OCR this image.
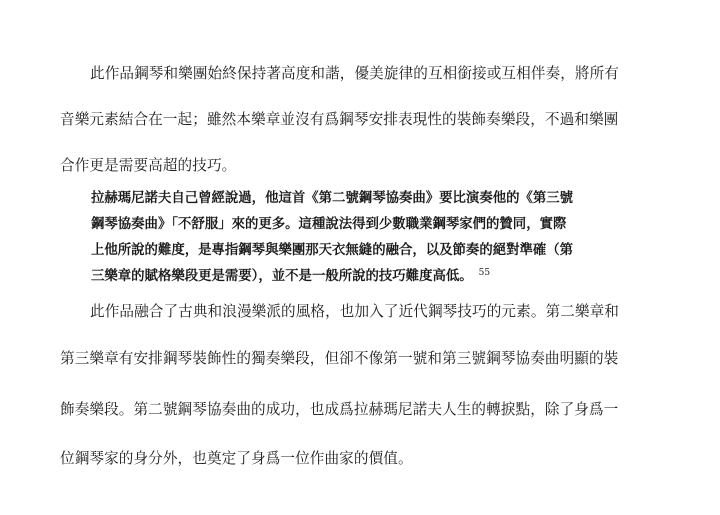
此作品鋼琴和樂團始終保持著高度和諧，優美旋律的互相銜接或互相伴奏，將所有

音樂元素結合在一起；雖然本樂章並沒有爲鋼琴安排表現性的裝飾奏樂段，不過和樂團

合作更是需要高超的技巧。

拉赫瑪尼諾夫自己曾經說過，他這首《第二號鋼琴協奏曲》要比演奏他的《第三號

鋼琴協奏曲》「不舒服」來的更多。這種說法得到少數職業鋼琴家們的贊同，實際

上他所說的難度，是專指鋼琴與樂團那天衣無縫的融合，以及節奏的絕對準確（第

三樂章的賦格樂段更是需要），並不是一般所說的技巧難度高低。 $^{55}$

此作品融合了古典和浪漫樂派的風格，也加入了近代鋼琴技巧的元素。第二樂章和

第三樂章有安排鋼琴裝飾性的獨奏樂段，但卻不像第一號和第三號鋼琴協奏曲明顯的裝

飾奏樂段。第二號鋼琴協奏曲的成功，也成爲拉赫瑪尼諾夫人生的轉捩點，除了身爲一

位鋼琴家的身分外，也奠定了身爲一位作曲家的價值。
